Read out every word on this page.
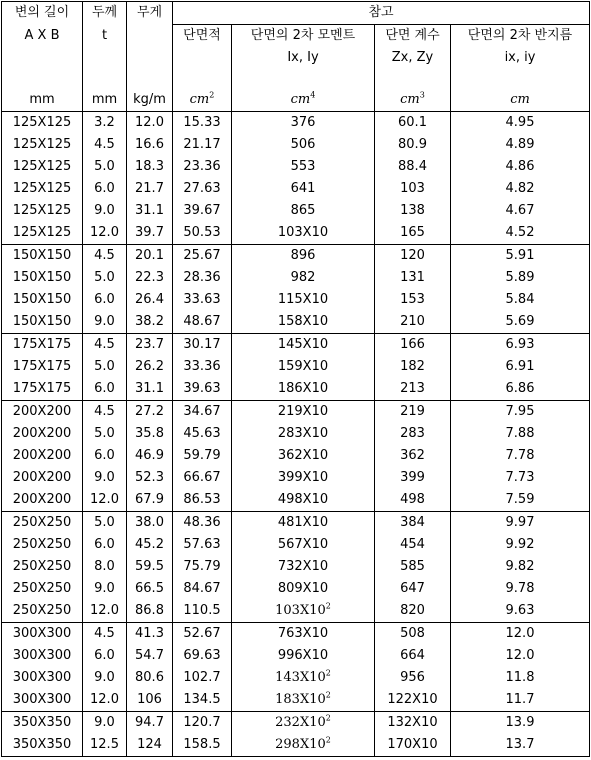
변의 길이	두께	무게	참고			
A X B	t		단면적	단면의 2차 모멘트	단면 계수	단면의 2차 반지름
				Ix, Iy	Zx, Zy	ix, iy

mm	mm	kg/m	$cm^2$	$cm^4$	$cm^3$	cm
125X125	3.2	12.0	15.33	376	60.1	4.95
125X125	4.5	16.6	21.17	506	80.9	4.89
125X125	5.0	18.3	23.36	553	88.4	4.86
125X125	6.0	21.7	27.63	641	103	4.82
125X125	9.0	31.1	39.67	865	138	4.67
125X125	12.0	39.7	50.53	103X10	165	4.52
150X150	4.5	20.1	25.67	896	120	5.91
150X150	5.0	22.3	28.36	982	131	5.89
150X150	6.0	26.4	33.63	115X10	153	5.84
150X150	9.0	38.2	48.67	158X10	210	5.69
175X175	4.5	23.7	30.17	145X10	166	6.93
175X175	5.0	26.2	33.36	159X10	182	6.91
175X175	6.0	31.1	39.63	186X10	213	6.86
200X200	4.5	27.2	34.67	219X10	219	7.95
200X200	5.0	35.8	45.63	283X10	283	7.88
200X200	6.0	46.9	59.79	362X10	362	7.78
200X200	9.0	52.3	66.67	399X10	399	7.73
200X200	12.0	67.9	86.53	498X10	498	7.59
250X250	5.0	38.0	48.36	481X10	384	9.97
250X250	6.0	45.2	57.63	567X10	454	9.92
250X250	8.0	59.5	75.79	732X10	585	9.82
250X250	9.0	66.5	84.67	809X10	647	9.78
250X250	12.0	86.8	110.5	$103X10^2$	820	9.63
300X300	4.5	41.3	52.67	763X10	508	12.0
300X300	6.0	54.7	69.63	996X10	664	12.0
300X300	9.0	80.6	102.7	$143X10^2$	956	11.8
300X300	12.0	106	134.5	$183X10^2$	122X10	11.7
350X350	9.0	94.7	120.7	$232X10^2$	132X10	13.9
350X350	12.5	124	158.5	$298X10^2$	170X10	13.7
